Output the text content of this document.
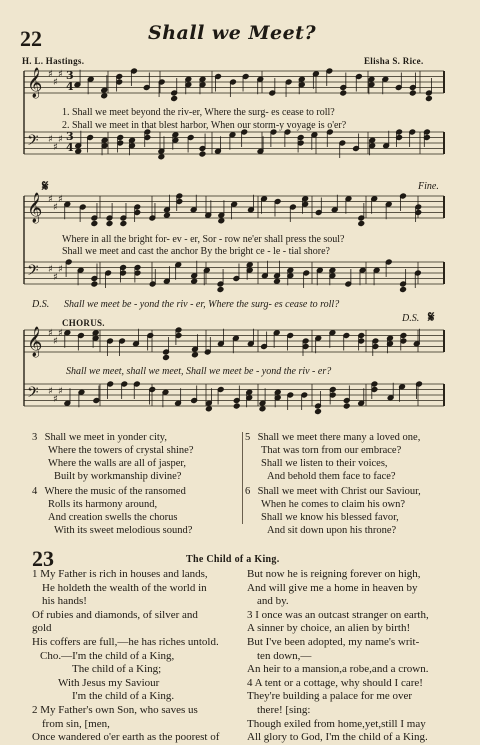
22	Shall we Meet?
H. L. Hastings.	Elisha S. Rice.
𝄞 ♯
♯
♯
𝄢 ♯
♯
♯
𝄞 ♯
♯
♯
𝄢 ♯
♯
♯
𝄞 ♯
♯
♯
𝄢 ♯
♯
♯
3
4
3
4
1. Shall we meet beyond the riv-er, Where the surg- es cease to roll?
2. Shall we meet in that blest harbor, When our storm-y voyage is o'er?
𝄋	Fine.
Where in all the bright for- ev - er, Sor - row ne'er shall press the soul?
Shall we meet and cast the anchor By the bright ce - le - tial shore?
D.S. Shall we meet be - yond the riv - er, Where the surg- es cease to roll?
CHORUS.	D.S. 𝄋
Shall we meet, shall we meet, Shall we meet be - yond the riv - er?
3 Shall we meet in yonder city,
Where the towers of crystal shine?
Where the walls are all of jasper,
Built by workmanship divine?
4 Where the music of the ransomed
Rolls its harmony around,
And creation swells the chorus
With its sweet melodious sound?
5 Shall we meet there many a loved one,
That was torn from our embrace?
Shall we listen to their voices,
And behold them face to face?
6 Shall we meet with Christ our Saviour,
When he comes to claim his own?
Shall we know his blessed favor,
And sit down upon his throne?
23	The Child of a King.
1 My Father is rich in houses and lands,
He holdeth the wealth of the world in
his hands!
Of rubies and diamonds, of silver and
gold
His coffers are full,—he has riches untold.
Cho.—I'm the child of a King,
The child of a King;
With Jesus my Saviour
I'm the child of a King.
2 My Father's own Son, who saves us
from sin, [men,
Once wandered o'er earth as the poorest of
But now he is reigning forever on high,
And will give me a home in heaven by
and by.
3 I once was an outcast stranger on earth,
A sinner by choice, an alien by birth!
But I've been adopted, my name's writ-
ten down,—
An heir to a mansion,a robe,and a crown.
4 A tent or a cottage, why should I care!
They're building a palace for me over
there! [sing:
Though exiled from home,yet,still I may
All glory to God, I'm the child of a King.
